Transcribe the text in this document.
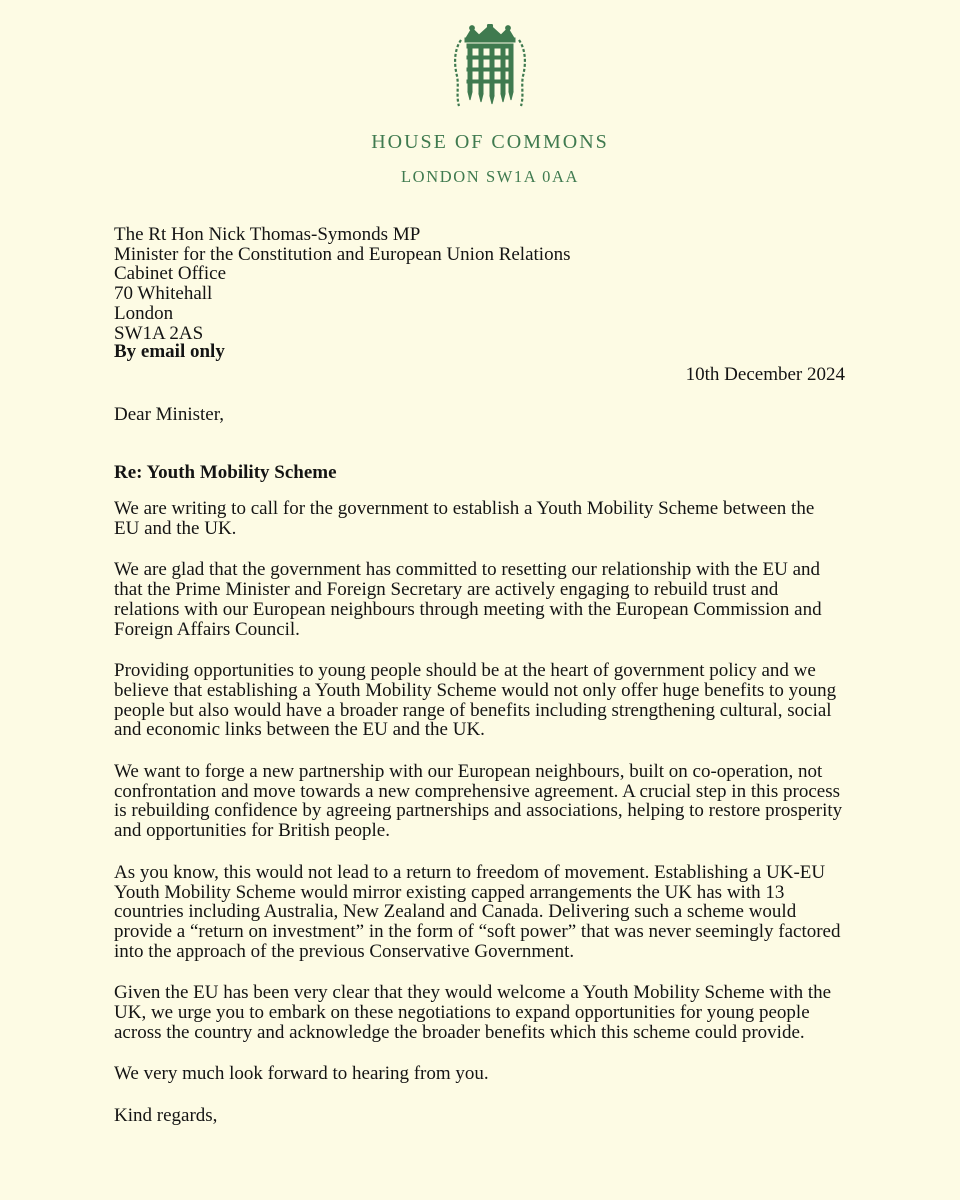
HOUSE OF COMMONS
LONDON SW1A 0AA
The Rt Hon Nick Thomas-Symonds MP
Minister for the Constitution and European Union Relations
Cabinet Office
70 Whitehall
London
SW1A 2AS
By email only
10th December 2024
Dear Minister,
Re: Youth Mobility Scheme

We are writing to call for the government to establish a Youth Mobility Scheme between the EU and the UK.

We are glad that the government has committed to resetting our relationship with the EU and that the Prime Minister and Foreign Secretary are actively engaging to rebuild trust and relations with our European neighbours through meeting with the European Commission and Foreign Affairs Council.

Providing opportunities to young people should be at the heart of government policy and we believe that establishing a Youth Mobility Scheme would not only offer huge benefits to young people but also would have a broader range of benefits including strengthening cultural, social and economic links between the EU and the UK.

We want to forge a new partnership with our European neighbours, built on co-operation, not confrontation and move towards a new comprehensive agreement. A crucial step in this process is rebuilding confidence by agreeing partnerships and associations, helping to restore prosperity and opportunities for British people.

As you know, this would not lead to a return to freedom of movement. Establishing a UK-EU Youth Mobility Scheme would mirror existing capped arrangements the UK has with 13 countries including Australia, New Zealand and Canada. Delivering such a scheme would provide a “return on investment” in the form of “soft power” that was never seemingly factored into the approach of the previous Conservative Government.

Given the EU has been very clear that they would welcome a Youth Mobility Scheme with the UK, we urge you to embark on these negotiations to expand opportunities for young people across the country and acknowledge the broader benefits which this scheme could provide.

We very much look forward to hearing from you.

Kind regards,
